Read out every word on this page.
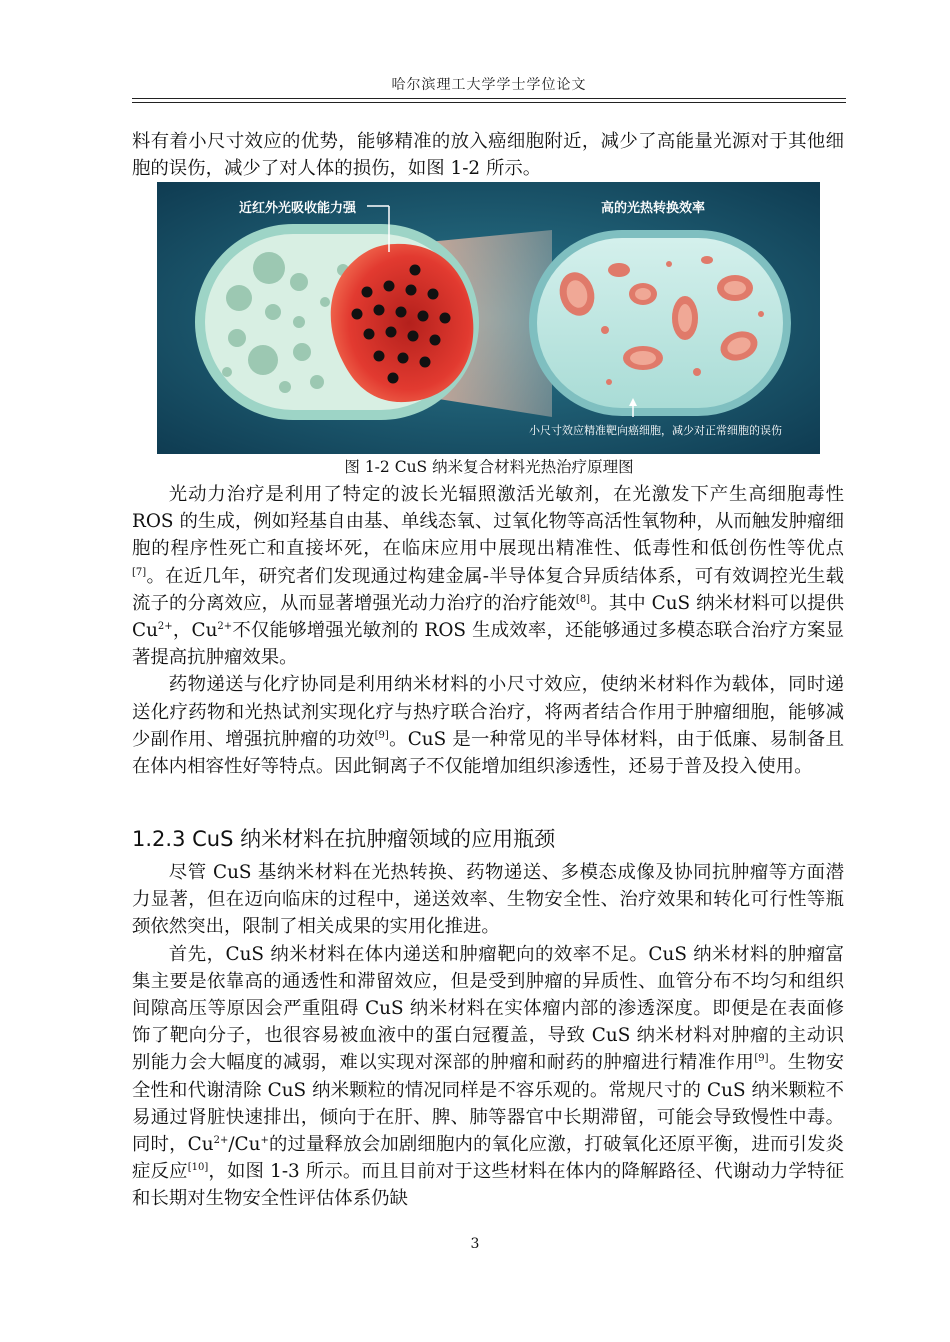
哈尔滨理工大学学士学位论文

料有着小尺寸效应的优势，能够精准的放入癌细胞附近，减少了高能量光源对于其他细胞的误伤，减少了对人体的损伤，如图 1-2 所示。

近红外光吸收能力强	高的光热转换效率
小尺寸效应精准靶向癌细胞，减少对正常细胞的误伤
图 1-2 CuS 纳米复合材料光热治疗原理图

光动力治疗是利用了特定的波长光辐照激活光敏剂，在光激发下产生高细胞毒性 ROS 的生成，例如羟基自由基、单线态氧、过氧化物等高活性氧物种，从而触发肿瘤细胞的程序性死亡和直接坏死，在临床应用中展现出精准性、低毒性和低创伤性等优点[7]。在近几年，研究者们发现通过构建金属-半导体复合异质结体系，可有效调控光生载流子的分离效应，从而显著增强光动力治疗的治疗能效[8]。其中 CuS 纳米材料可以提供 $Cu^{2+}$，$Cu^{2+}$不仅能够增强光敏剂的 ROS 生成效率，还能够通过多模态联合治疗方案显著提高抗肿瘤效果。

药物递送与化疗协同是利用纳米材料的小尺寸效应，使纳米材料作为载体，同时递送化疗药物和光热试剂实现化疗与热疗联合治疗，将两者结合作用于肿瘤细胞，能够减少副作用、增强抗肿瘤的功效[9]。CuS 是一种常见的半导体材料，由于低廉、易制备且在体内相容性好等特点。因此铜离子不仅能增加组织渗透性，还易于普及投入使用。

1.2.3 CuS 纳米材料在抗肿瘤领域的应用瓶颈

尽管 CuS 基纳米材料在光热转换、药物递送、多模态成像及协同抗肿瘤等方面潜力显著，但在迈向临床的过程中，递送效率、生物安全性、治疗效果和转化可行性等瓶颈依然突出，限制了相关成果的实用化推进。

首先，CuS 纳米材料在体内递送和肿瘤靶向的效率不足。CuS 纳米材料的肿瘤富集主要是依靠高的通透性和滞留效应，但是受到肿瘤的异质性、血管分布不均匀和组织间隙高压等原因会严重阻碍 CuS 纳米材料在实体瘤内部的渗透深度。即便是在表面修饰了靶向分子，也很容易被血液中的蛋白冠覆盖，导致 CuS 纳米材料对肿瘤的主动识别能力会大幅度的减弱，难以实现对深部的肿瘤和耐药的肿瘤进行精准作用[9]。生物安全性和代谢清除 CuS 纳米颗粒的情况同样是不容乐观的。常规尺寸的 CuS 纳米颗粒不易通过肾脏快速排出，倾向于在肝、脾、肺等器官中长期滞留，可能会导致慢性中毒。同时，$Cu^{2+}/Cu^+$的过量释放会加剧细胞内的氧化应激，打破氧化还原平衡，进而引发炎症反应[10]，如图 1-3 所示。而且目前对于这些材料在体内的降解路径、代谢动力学特征和长期对生物安全性评估体系仍缺

3
